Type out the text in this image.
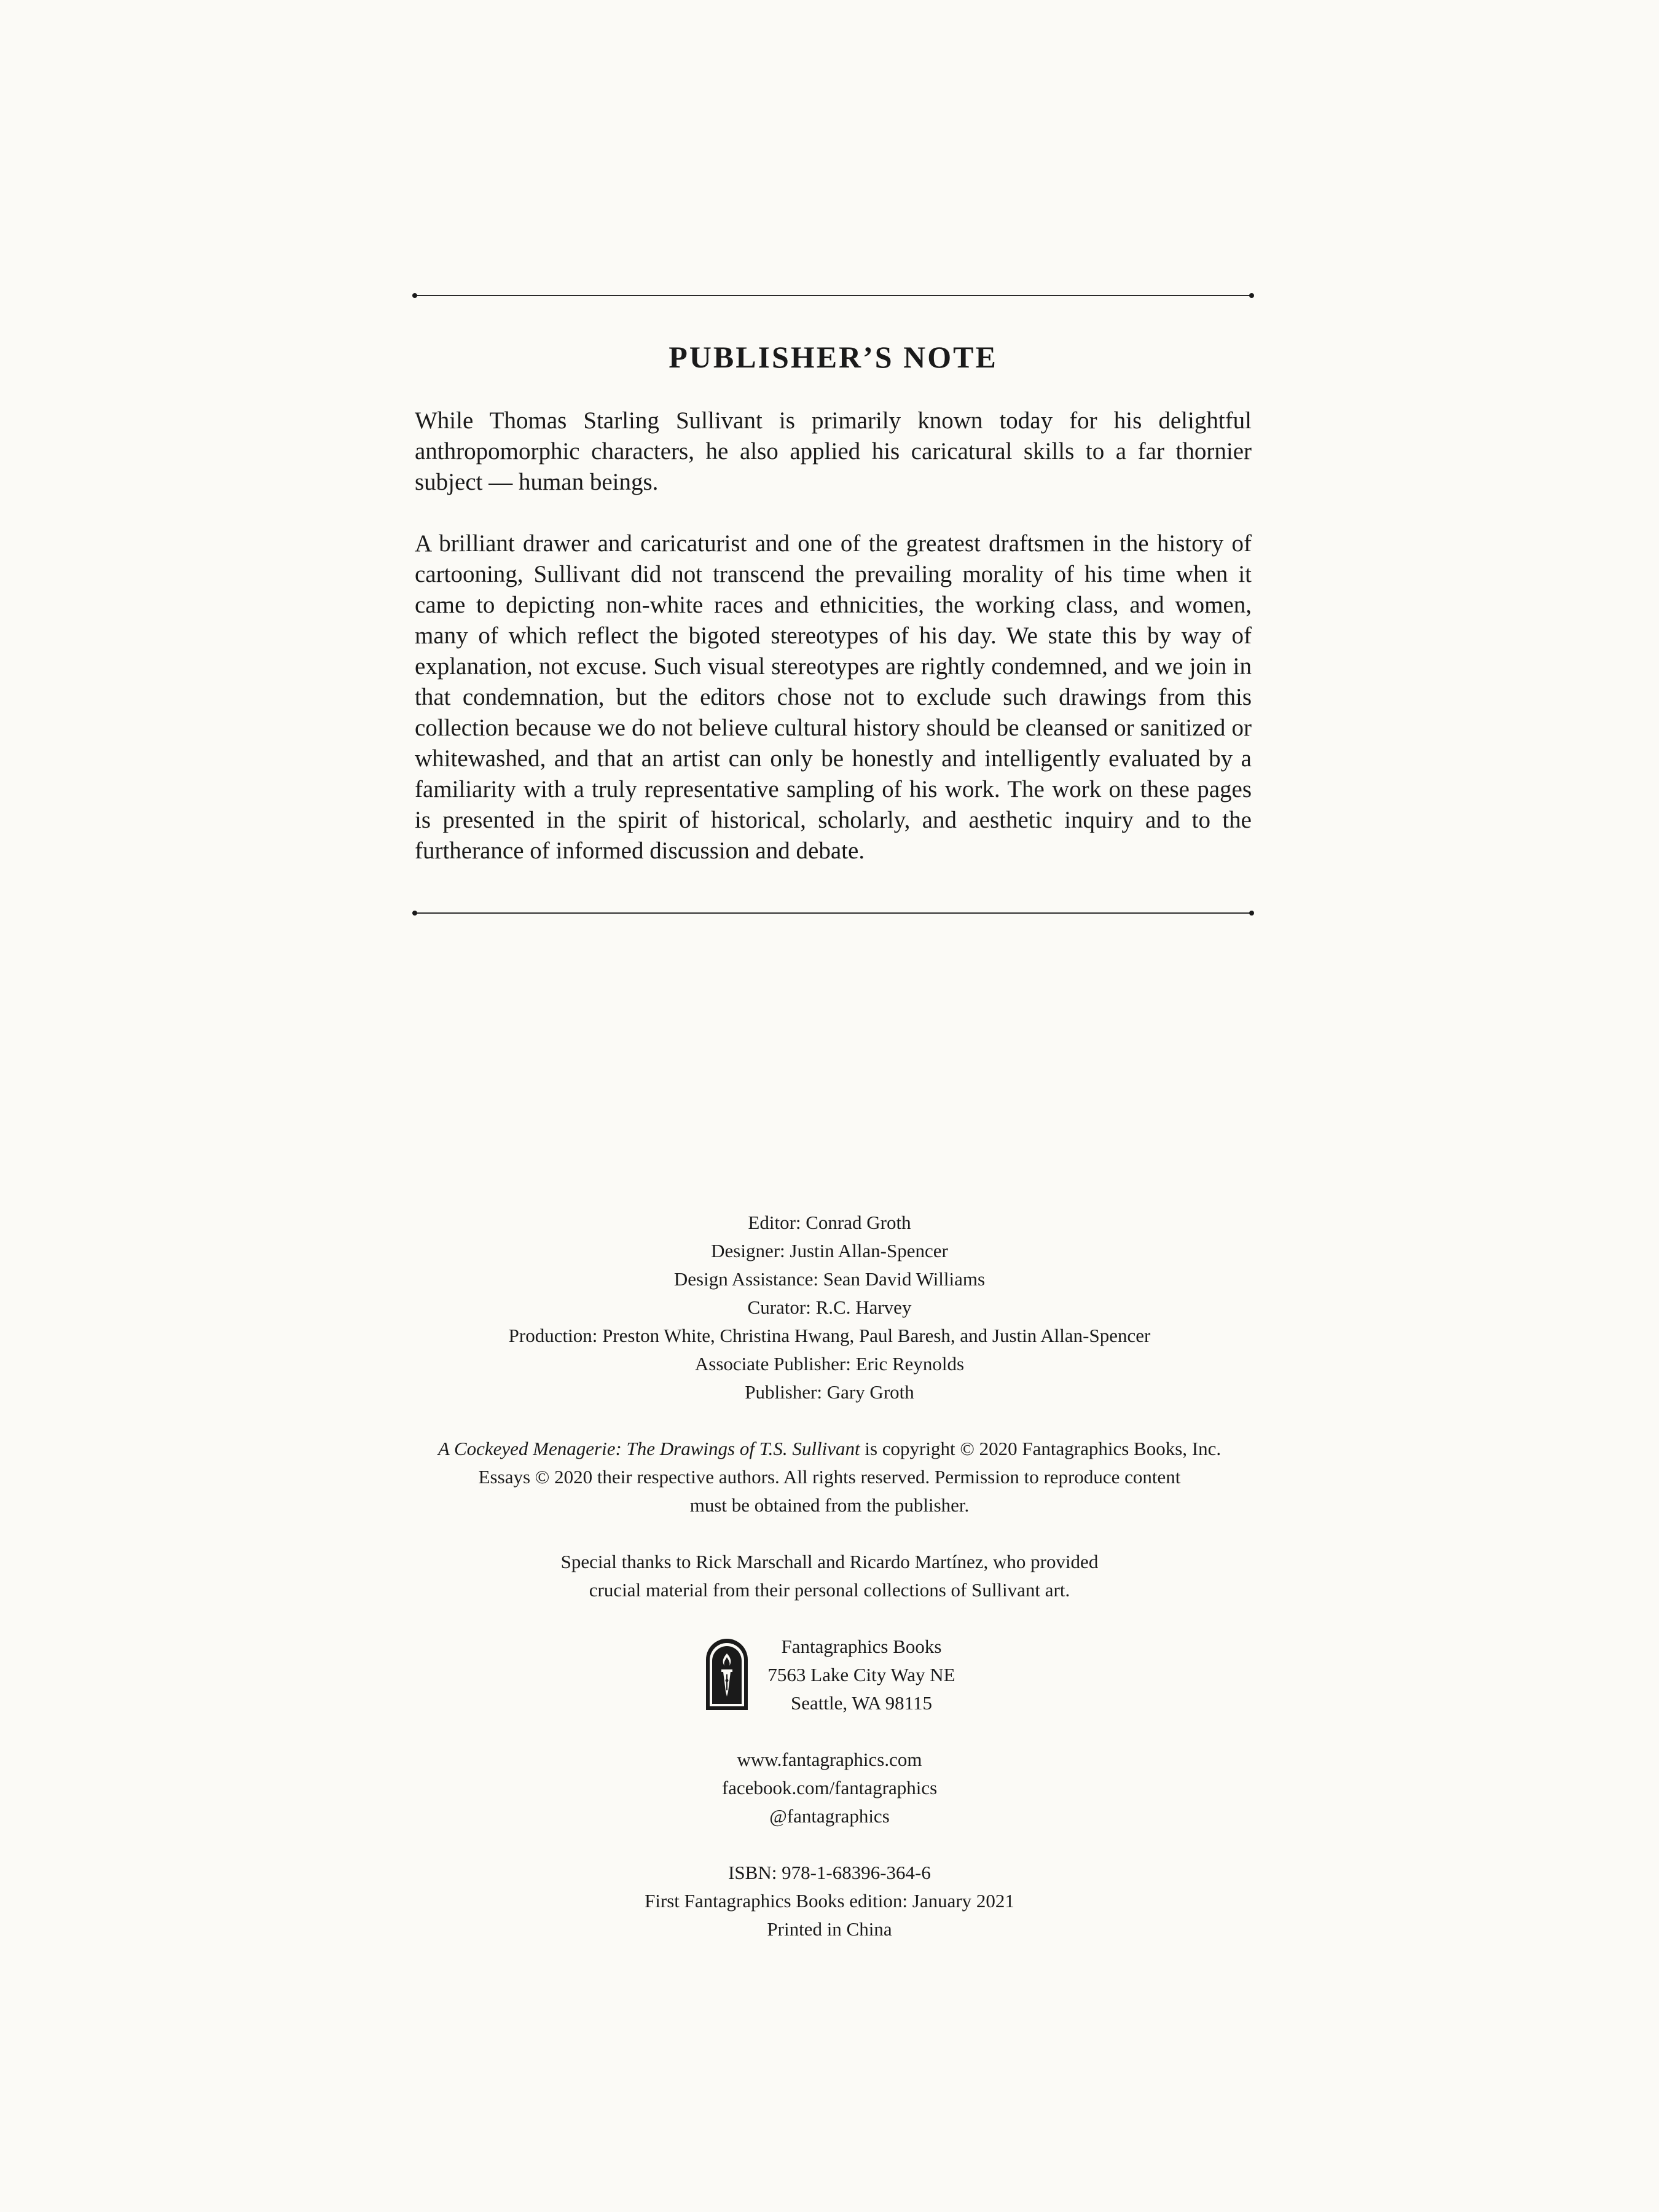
PUBLISHER’S NOTE

While Thomas Starling Sullivant is primarily known today for his delightful anthropomorphic characters, he also applied his caricatural skills to a far thornier subject — human beings.

A brilliant drawer and caricaturist and one of the greatest draftsmen in the history of cartooning, Sullivant did not transcend the prevailing morality of his time when it came to depicting non-white races and ethnicities, the working class, and women, many of which reflect the bigoted stereotypes of his day. We state this by way of explanation, not excuse. Such visual stereotypes are rightly condemned, and we join in that condemnation, but the editors chose not to exclude such drawings from this collection because we do not believe cultural history should be cleansed or sanitized or whitewashed, and that an artist can only be honestly and intelligently evaluated by a familiarity with a truly representative sampling of his work. The work on these pages is presented in the spirit of historical, scholarly, and aesthetic inquiry and to the furtherance of informed discussion and debate.

Editor: Conrad Groth
Designer: Justin Allan-Spencer
Design Assistance: Sean David Williams
Curator: R.C. Harvey
Production: Preston White, Christina Hwang, Paul Baresh, and Justin Allan-Spencer
Associate Publisher: Eric Reynolds
Publisher: Gary Groth
A Cockeyed Menagerie: The Drawings of T.S. Sullivant is copyright © 2020 Fantagraphics Books, Inc.
Essays © 2020 their respective authors. All rights reserved. Permission to reproduce content
must be obtained from the publisher.
Special thanks to Rick Marschall and Ricardo Martínez, who provided
crucial material from their personal collections of Sullivant art.
Fantagraphics Books
7563 Lake City Way NE
Seattle, WA 98115
www.fantagraphics.com
facebook.com/fantagraphics
@fantagraphics
ISBN: 978-1-68396-364-6
First Fantagraphics Books edition: January 2021
Printed in China
